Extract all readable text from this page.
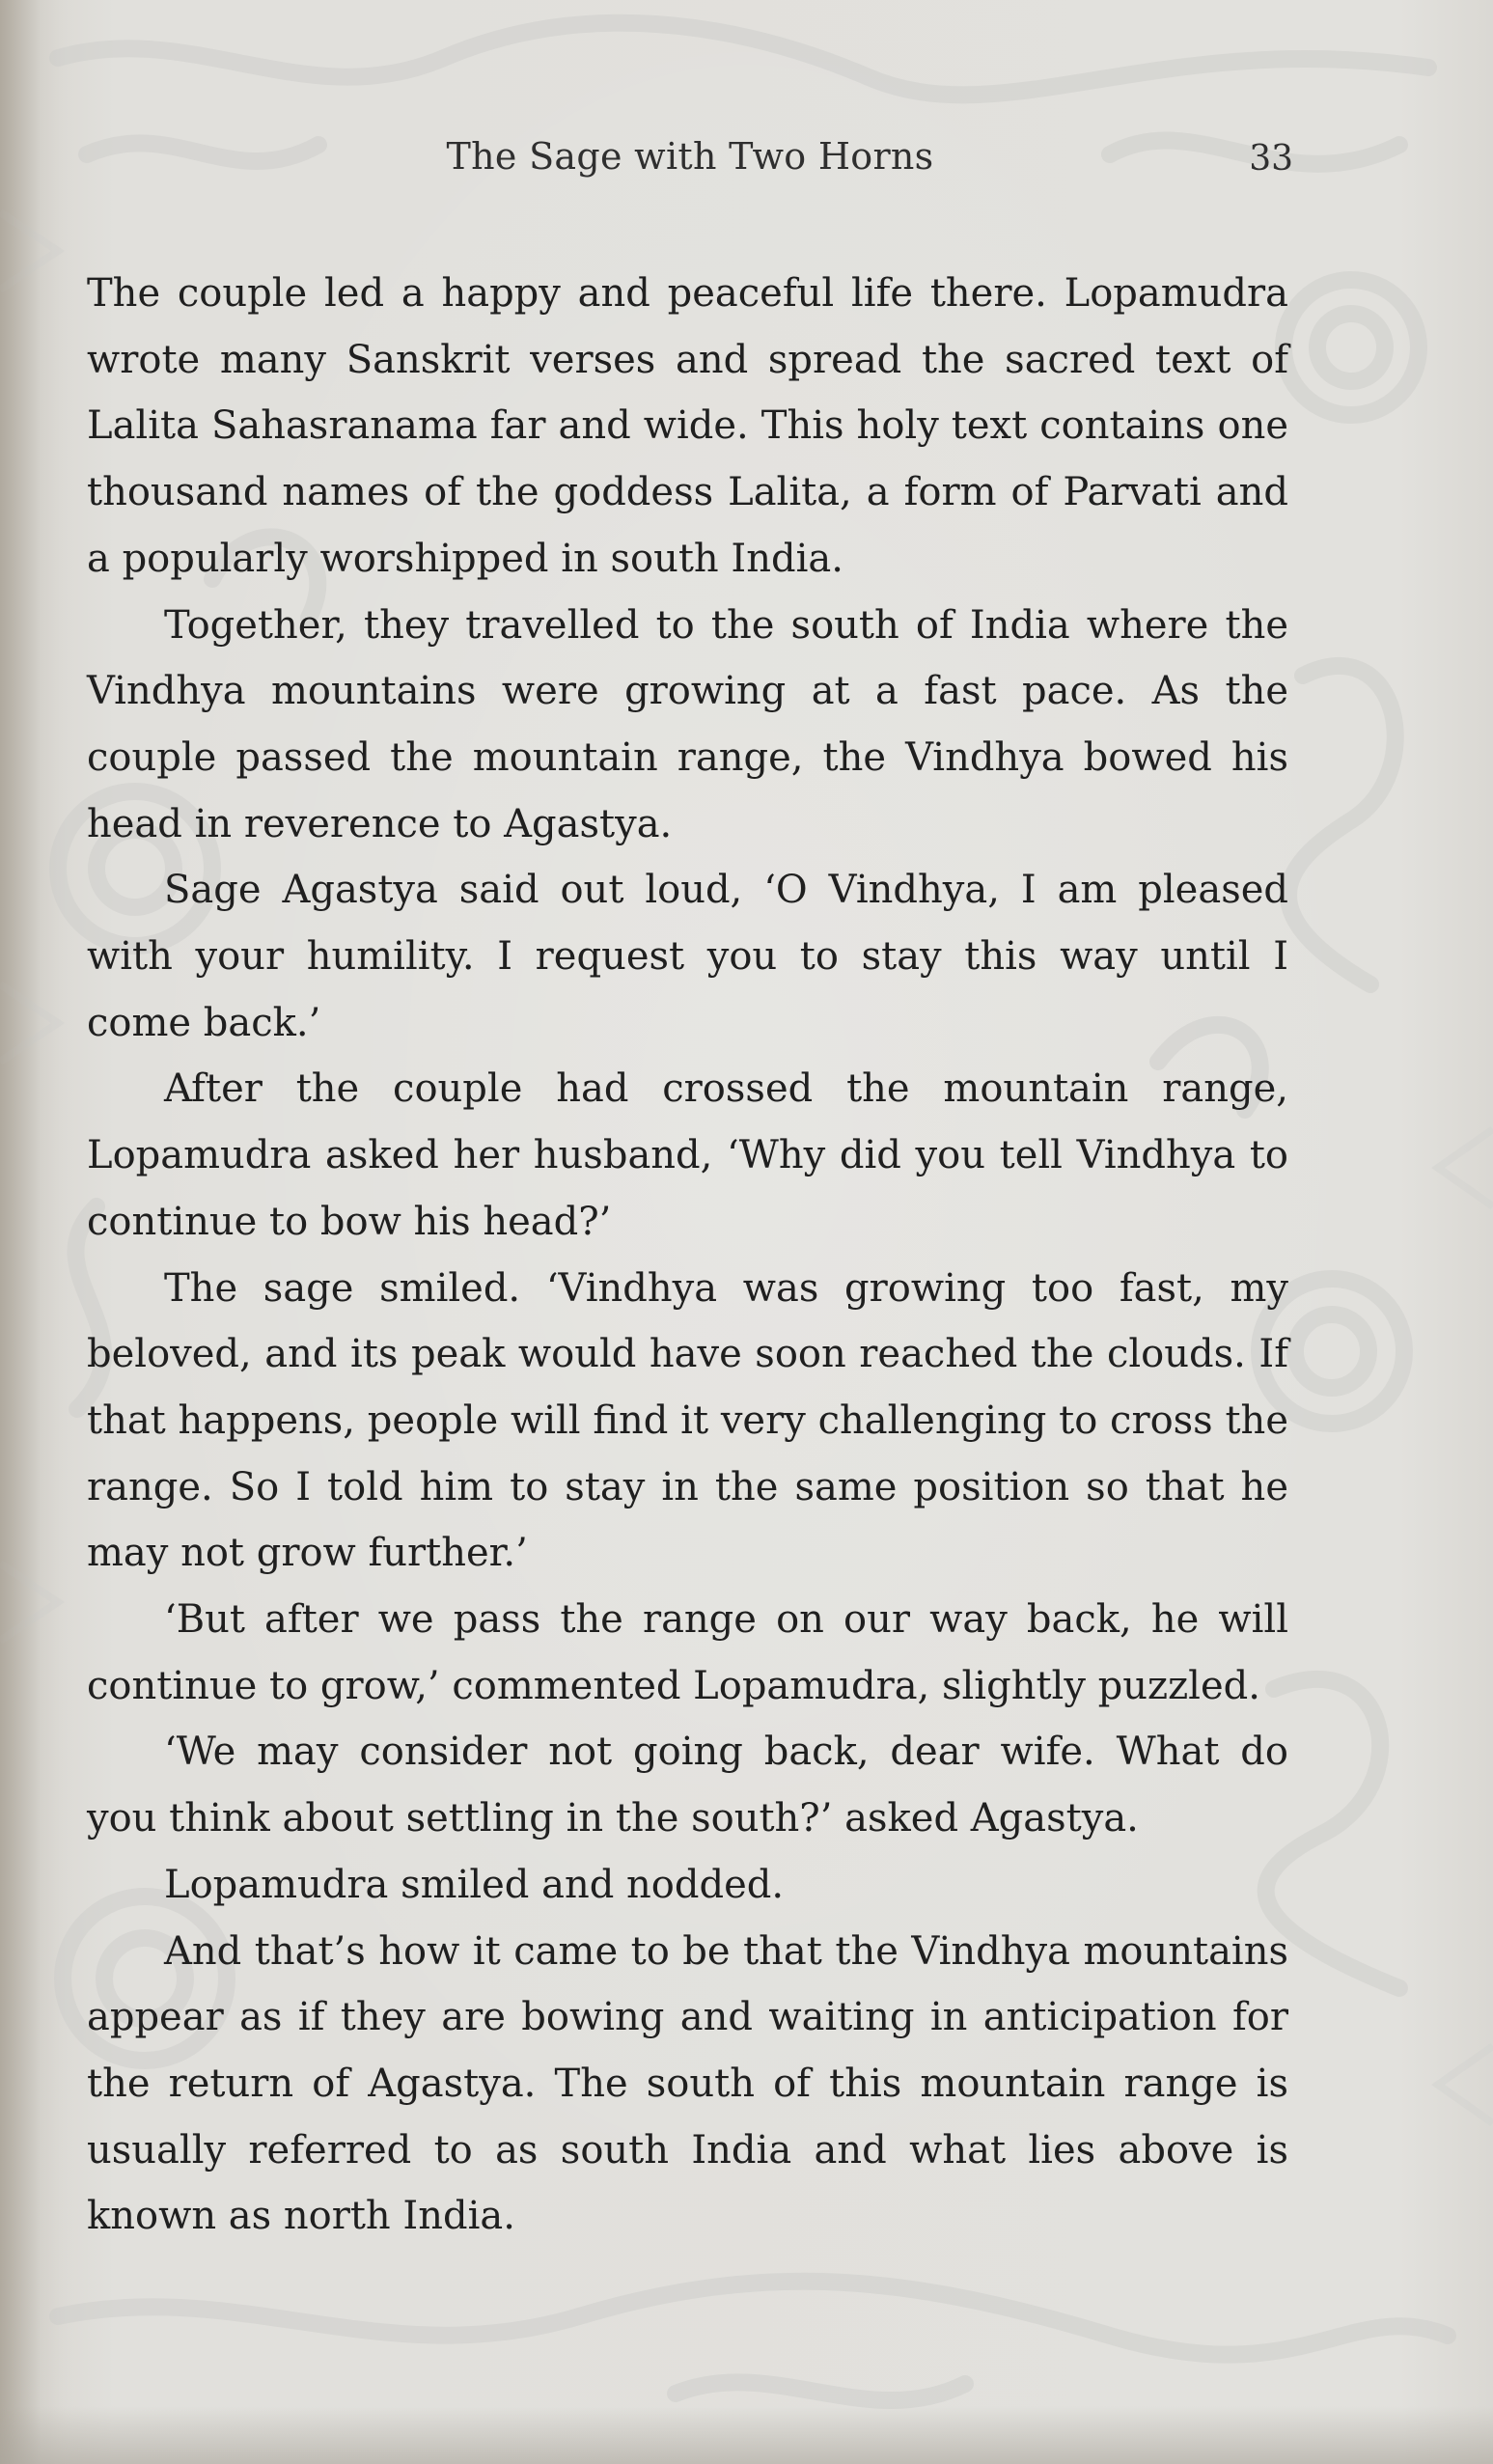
The Sage with Two Horns	33

The couple led a happy and peaceful life there. Lopamudra wrote many Sanskrit verses and spread the sacred text of Lalita Sahasranama far and wide. This holy text contains one thousand names of the goddess Lalita, a form of Parvati and a popularly worshipped in south India.

Together, they travelled to the south of India where the Vindhya mountains were growing at a fast pace. As the couple passed the mountain range, the Vindhya bowed his head in reverence to Agastya.

Sage Agastya said out loud, ‘O Vindhya, I am pleased with your humility. I request you to stay this way until I come back.’

After the couple had crossed the mountain range, Lopamudra asked her husband, ‘Why did you tell Vindhya to continue to bow his head?’

The sage smiled. ‘Vindhya was growing too fast, my beloved, and its peak would have soon reached the clouds. If that happens, people will find it very challenging to cross the range. So I told him to stay in the same position so that he may not grow further.’

‘But after we pass the range on our way back, he will continue to grow,’ commented Lopamudra, slightly puzzled.

‘We may consider not going back, dear wife. What do you think about settling in the south?’ asked Agastya.

Lopamudra smiled and nodded.

And that’s how it came to be that the Vindhya mountains appear as if they are bowing and waiting in anticipation for the return of Agastya. The south of this mountain range is usually referred to as south India and what lies above is known as north India.
